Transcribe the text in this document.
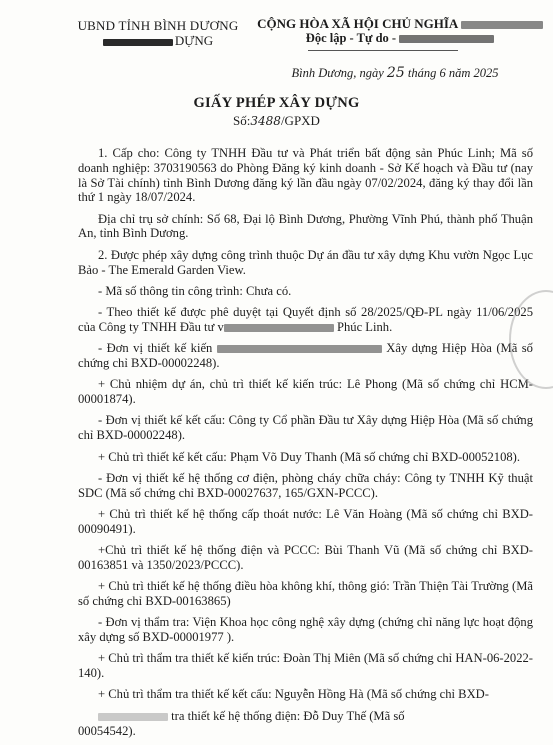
UBND TỈNH BÌNH DƯƠNG
DỰNG
CỘNG HÒA XÃ HỘI CHỦ NGHĨA
Độc lập - Tự do -
Bình Dương, ngày 25 tháng 6 năm 2025
GIẤY PHÉP XÂY DỰNG
Số:3488/GPXD

1. Cấp cho: Công ty TNHH Đầu tư và Phát triển bất động sản Phúc Linh; Mã số doanh nghiệp: 3703190563 do Phòng Đăng ký kinh doanh - Sở Kế hoạch và Đầu tư (nay là Sở Tài chính) tỉnh Bình Dương đăng ký lần đầu ngày 07/02/2024, đăng ký thay đổi lần thứ 1 ngày 18/07/2024.

Địa chỉ trụ sở chính: Số 68, Đại lộ Bình Dương, Phường Vĩnh Phú, thành phố Thuận An, tỉnh Bình Dương.

2. Được phép xây dựng công trình thuộc Dự án đầu tư xây dựng Khu vườn Ngọc Lục Bảo - The Emerald Garden View.

- Mã số thông tin công trình: Chưa có.

- Theo thiết kế được phê duyệt tại Quyết định số 28/2025/QĐ-PL ngày 11/06/2025 của Công ty TNHH Đầu tư v	Phúc Linh.

- Đơn vị thiết kế kiến	Xây dựng Hiệp Hòa (Mã số chứng chỉ BXD-00002248).

+ Chủ nhiệm dự án, chủ trì thiết kế kiến trúc: Lê Phong (Mã số chứng chỉ HCM-00001874).

- Đơn vị thiết kế kết cấu: Công ty Cổ phần Đầu tư Xây dựng Hiệp Hòa (Mã số chứng chỉ BXD-00002248).

+ Chủ trì thiết kế kết cấu: Phạm Võ Duy Thanh (Mã số chứng chỉ BXD-00052108).

- Đơn vị thiết kế hệ thống cơ điện, phòng cháy chữa cháy: Công ty TNHH Kỹ thuật SDC (Mã số chứng chỉ BXD-00027637, 165/GXN-PCCC).

+ Chủ trì thiết kế hệ thống cấp thoát nước: Lê Văn Hoàng (Mã số chứng chỉ BXD-00090491).

+Chủ trì thiết kế hệ thống điện và PCCC: Bùi Thanh Vũ (Mã số chứng chỉ BXD-00163851 và 1350/2023/PCCC).

+ Chủ trì thiết kế hệ thống điều hòa không khí, thông gió: Trần Thiện Tài Trường (Mã số chứng chỉ BXD-00163865)

- Đơn vị thẩm tra: Viện Khoa học công nghệ xây dựng (chứng chỉ năng lực hoạt động xây dựng số BXD-00001977 ).

+ Chủ trì thẩm tra thiết kế kiến trúc: Đoàn Thị Miên (Mã số chứng chỉ HAN-06-2022-140).

+ Chủ trì thẩm tra thiết kế kết cấu: Nguyễn Hồng Hà (Mã số chứng chỉ BXD-

tra thiết kế hệ thống điện: Đỗ Duy Thế (Mã số
00054542).
